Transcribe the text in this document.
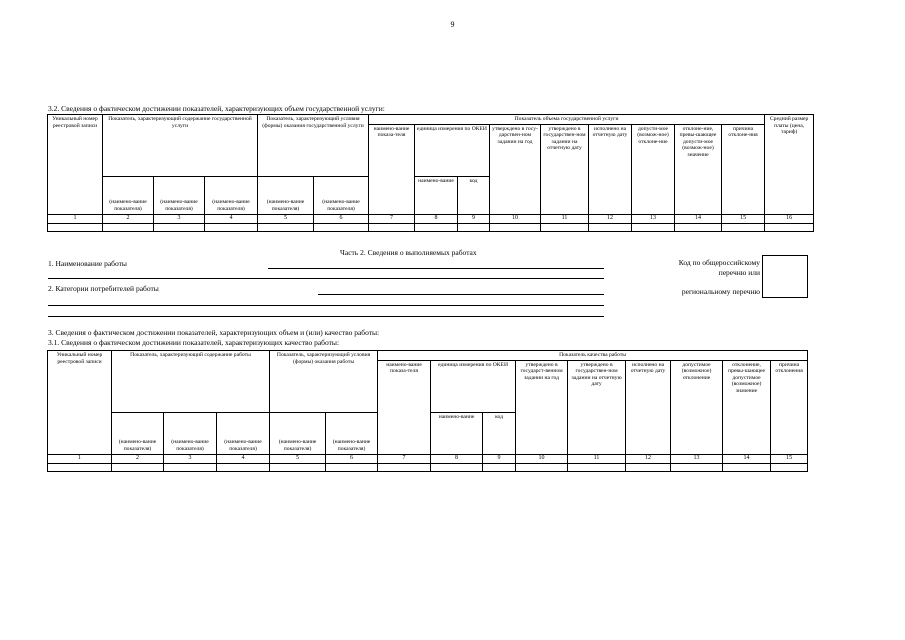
9
3.2. Сведения о фактическом достижении показателей, характеризующих объем государственной услуги:
Уникальный номер реестровой записи	Показатель, характеризующий содержание государственной услуги			Показатель, характеризующий условия (формы) оказания государственной услуги		Показатель объема государственной услуги									Средний размер платы (цена, тариф)
						наимено-вание показа-теля	единица измерения по ОКЕИ		утверждено в госу-дарствен-ном задании на год	утверждено в государствен-ном задании на отчетную дату	исполнено на отчетную дату	допусти-мое (возмож-ное) отклоне-ние	отклоне-ние, превы-шающее допусти-мое (возмож-ное) значение	причина отклоне-ния	
	(наимено-вание показателя)	(наимено-вание показателя)	(наимено-вание показателя)	(наимено-вание показателя)	(наимено-вание показателя)		наимено-вание	код							
1	2	3	4	5	6	7	8	9	10	11	12	13	14	15	16

Часть 2. Сведения о выполняемых работах
1. Наименование работы
2. Категории потребителей работы
Код по общероссийскому
перечню или
региональному перечню
3. Сведения о фактическом достижении показателей, характеризующих объем и (или) качество работы:
3.1. Сведения о фактическом достижении показателей, характеризующих качество работы:
Уникальный номер реестровой записи	Показатель, характеризующий содержание работы			Показатель, характеризующий условия (формы) оказания работы		Показатель качества работы								
						наимено-вание показа-теля	единица измерения по ОКЕИ		утверждено в государст-венном задании на год	утверждено в государствен-ном задании на отчетную дату	исполнено на отчетную дату	допустимое (возможное) отклонение	отклонение, превы-шающее допустимое (возможное) значение	причина отклонения
	(наимено-вание показателя)	(наимено-вание показателя)	(наимено-вание показателя)	(наимено-вание показателя)	(наимено-вание показателя)		наимено-вание	код						
1	2	3	4	5	6	7	8	9	10	11	12	13	14	15
